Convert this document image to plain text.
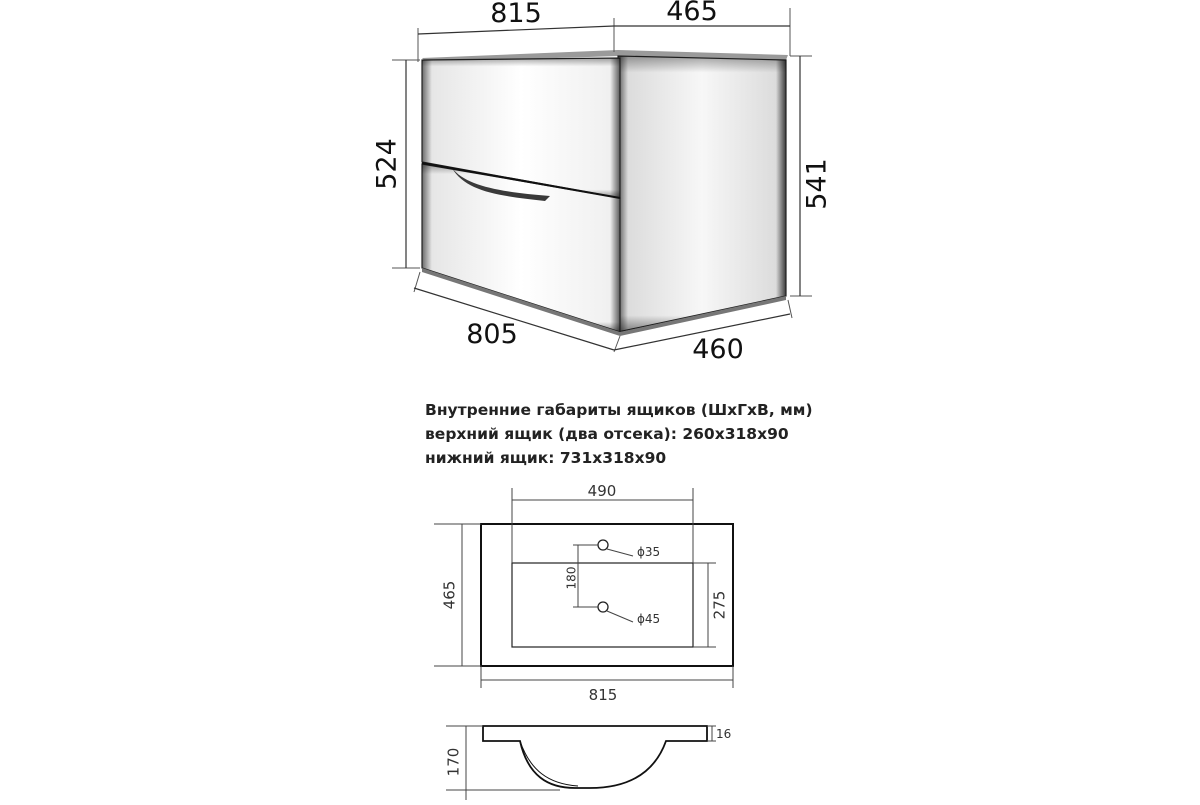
815	465
524	541
805	460
490
ϕ35
180
ϕ45	275
465
815
16
170
Внутренние габариты ящиков (ШхГхВ, мм)
верхний ящик (два отсека): 260х318х90
нижний ящик: 731х318х90
